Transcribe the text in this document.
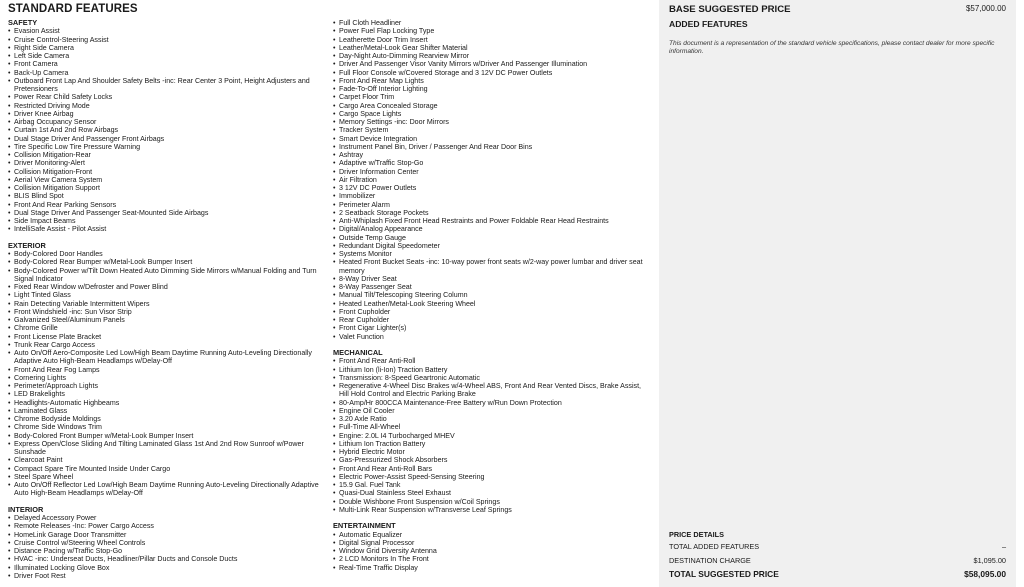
STANDARD FEATURES
SAFETY
• Evasion Assist
• Cruise Control-Steering Assist
• Right Side Camera
• Left Side Camera
• Front Camera
• Back-Up Camera
• Outboard Front Lap And Shoulder Safety Belts -inc: Rear Center 3 Point, Height Adjusters and Pretensioners
• Power Rear Child Safety Locks
• Restricted Driving Mode
• Driver Knee Airbag
• Airbag Occupancy Sensor
• Curtain 1st And 2nd Row Airbags
• Dual Stage Driver And Passenger Front Airbags
• Tire Specific Low Tire Pressure Warning
• Collision Mitigation-Rear
• Driver Monitoring-Alert
• Collision Mitigation-Front
• Aerial View Camera System
• Collision Mitigation Support
• BLIS Blind Spot
• Front And Rear Parking Sensors
• Dual Stage Driver And Passenger Seat-Mounted Side Airbags
• Side Impact Beams
• IntelliSafe Assist - Pilot Assist
EXTERIOR
• Body-Colored Door Handles
• Body-Colored Rear Bumper w/Metal-Look Bumper Insert
• Body-Colored Power w/Tilt Down Heated Auto Dimming Side Mirrors w/Manual Folding and Turn Signal Indicator
• Fixed Rear Window w/Defroster and Power Blind
• Light Tinted Glass
• Rain Detecting Variable Intermittent Wipers
• Front Windshield -inc: Sun Visor Strip
• Galvanized Steel/Aluminum Panels
• Chrome Grille
• Front License Plate Bracket
• Trunk Rear Cargo Access
• Auto On/Off Aero-Composite Led Low/High Beam Daytime Running Auto-Leveling Directionally Adaptive Auto High-Beam Headlamps w/Delay-Off
• Front And Rear Fog Lamps
• Cornering Lights
• Perimeter/Approach Lights
• LED Brakelights
• Headlights-Automatic Highbeams
• Laminated Glass
• Chrome Bodyside Moldings
• Chrome Side Windows Trim
• Body-Colored Front Bumper w/Metal-Look Bumper Insert
• Express Open/Close Sliding And Tilting Laminated Glass 1st And 2nd Row Sunroof w/Power Sunshade
• Clearcoat Paint
• Compact Spare Tire Mounted Inside Under Cargo
• Steel Spare Wheel
• Auto On/Off Reflector Led Low/High Beam Daytime Running Auto-Leveling Directionally Adaptive Auto High-Beam Headlamps w/Delay-Off
INTERIOR
• Delayed Accessory Power
• Remote Releases -Inc: Power Cargo Access
• HomeLink Garage Door Transmitter
• Cruise Control w/Steering Wheel Controls
• Distance Pacing w/Traffic Stop-Go
• HVAC -inc: Underseat Ducts, Headliner/Pillar Ducts and Console Ducts
• Illuminated Locking Glove Box
• Driver Foot Rest
• Full Cloth Headliner
• Power Fuel Flap Locking Type
• Leatherette Door Trim Insert
• Leather/Metal-Look Gear Shifter Material
• Day-Night Auto-Dimming Rearview Mirror
• Driver And Passenger Visor Vanity Mirrors w/Driver And Passenger Illumination
• Full Floor Console w/Covered Storage and 3 12V DC Power Outlets
• Front And Rear Map Lights
• Fade-To-Off Interior Lighting
• Carpet Floor Trim
• Cargo Area Concealed Storage
• Cargo Space Lights
• Memory Settings -inc: Door Mirrors
• Tracker System
• Smart Device Integration
• Instrument Panel Bin, Driver / Passenger And Rear Door Bins
• Ashtray
• Adaptive w/Traffic Stop-Go
• Driver Information Center
• Air Filtration
• 3 12V DC Power Outlets
• Immobilizer
• Perimeter Alarm
• 2 Seatback Storage Pockets
• Anti-Whiplash Fixed Front Head Restraints and Power Foldable Rear Head Restraints
• Digital/Analog Appearance
• Outside Temp Gauge
• Redundant Digital Speedometer
• Systems Monitor
• Heated Front Bucket Seats -inc: 10-way power front seats w/2-way power lumbar and driver seat memory
• 8-Way Driver Seat
• 8-Way Passenger Seat
• Manual Tilt/Telescoping Steering Column
• Heated Leather/Metal-Look Steering Wheel
• Front Cupholder
• Rear Cupholder
• Front Cigar Lighter(s)
• Valet Function
MECHANICAL
• Front And Rear Anti-Roll
• Lithium Ion (li-Ion) Traction Battery
• Transmission: 8-Speed Geartronic Automatic
• Regenerative 4-Wheel Disc Brakes w/4-Wheel ABS, Front And Rear Vented Discs, Brake Assist, Hill Hold Control and Electric Parking Brake
• 80-Amp/Hr 800CCA Maintenance-Free Battery w/Run Down Protection
• Engine Oil Cooler
• 3.20 Axle Ratio
• Full-Time All-Wheel
• Engine: 2.0L I4 Turbocharged MHEV
• Lithium Ion Traction Battery
• Hybrid Electric Motor
• Gas-Pressurized Shock Absorbers
• Front And Rear Anti-Roll Bars
• Electric Power-Assist Speed-Sensing Steering
• 15.9 Gal. Fuel Tank
• Quasi-Dual Stainless Steel Exhaust
• Double Wishbone Front Suspension w/Coil Springs
• Multi-Link Rear Suspension w/Transverse Leaf Springs
ENTERTAINMENT
• Automatic Equalizer
• Digital Signal Processor
• Window Grid Diversity Antenna
• 2 LCD Monitors In The Front
• Real-Time Traffic Display
BASE SUGGESTED PRICE	$57,000.00
ADDED FEATURES
This document is a representation of the standard vehicle specifications, please contact dealer for more specific information.
PRICE DETAILS
TOTAL ADDED FEATURES	–
DESTINATION CHARGE	$1,095.00
TOTAL SUGGESTED PRICE	$58,095.00
